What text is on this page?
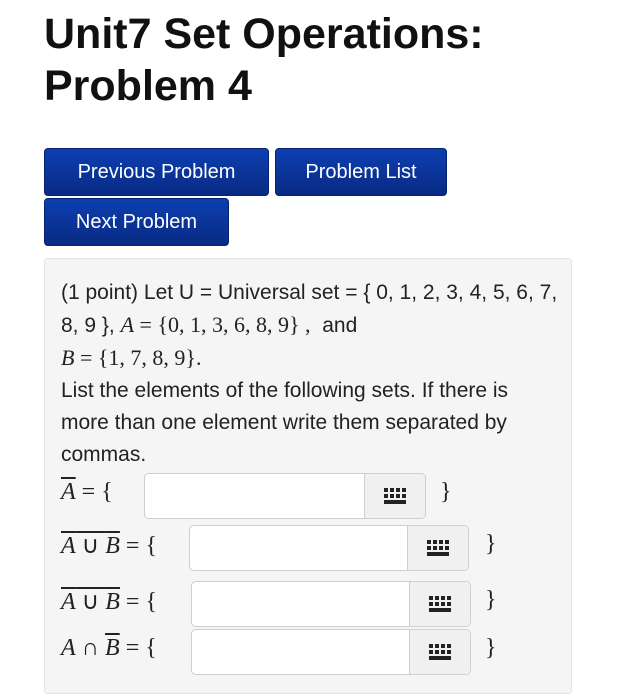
Unit7 Set Operations:
Problem 4
Previous Problem	Problem List
Next Problem
(1 point) Let U = Universal set = { 0, 1, 2, 3, 4, 5, 6, 7, 8, 9 }, A = {0, 1, 3, 6, 8, 9} , and
B = {1, 7, 8, 9}.
List the elements of the following sets. If there is more than one element write them separated by commas.
$\overline{A}$ = {	}
A ∪ B = {	}
A ∪ B = {	}
A ∩ $\overline{B}$ = {	}
